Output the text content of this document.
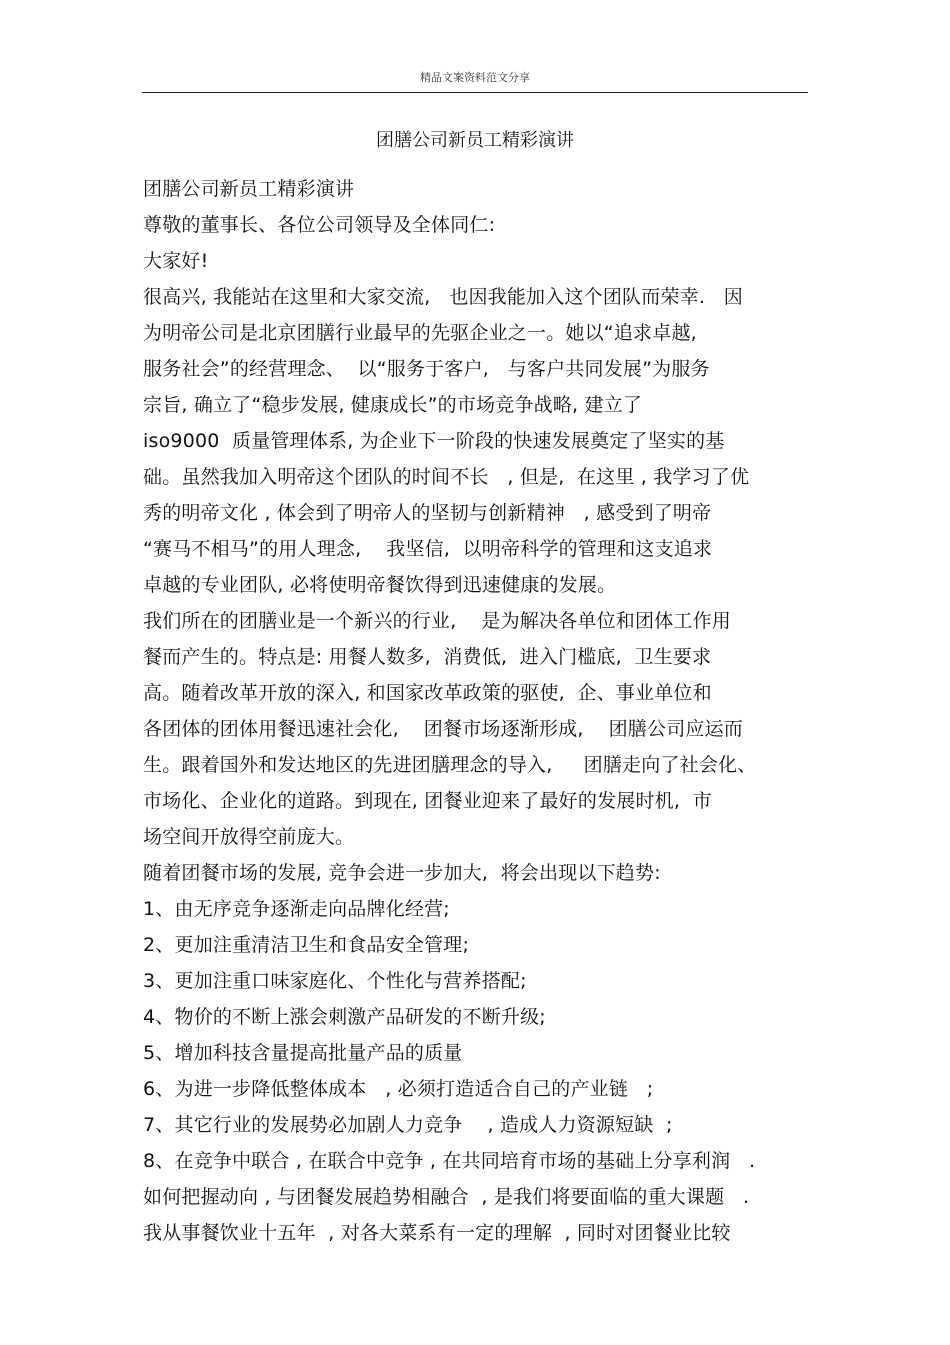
精品文案资料范文分享
团膳公司新员工精彩演讲
团膳公司新员工精彩演讲
尊敬的董事长、各位公司领导及全体同仁:
大家好!
很高兴, 我能站在这里和大家交流,   也因我能加入这个团队而荣幸.   因
为明帝公司是北京团膳行业最早的先驱企业之一。她以“追求卓越,
服务社会”的经营理念、  以“服务于客户,   与客户共同发展”为服务
宗旨, 确立了“稳步发展, 健康成长”的市场竞争战略, 建立了
iso9000  质量管理体系, 为企业下一阶段的快速发展奠定了坚实的基
础。虽然我加入明帝这个团队的时间不长   , 但是,  在这里 , 我学习了优
秀的明帝文化 , 体会到了明帝人的坚韧与创新精神   , 感受到了明帝
“赛马不相马”的用人理念,    我坚信,  以明帝科学的管理和这支追求
卓越的专业团队, 必将使明帝餐饮得到迅速健康的发展。
我们所在的团膳业是一个新兴的行业,    是为解决各单位和团体工作用
餐而产生的。特点是: 用餐人数多,  消费低,  进入门槛底,  卫生要求
高。随着改革开放的深入, 和国家改革政策的驱使,  企、事业单位和
各团体的团体用餐迅速社会化,    团餐市场逐渐形成,    团膳公司应运而
生。跟着国外和发达地区的先进团膳理念的导入,     团膳走向了社会化、
市场化、企业化的道路。到现在, 团餐业迎来了最好的发展时机,  市
场空间开放得空前庞大。
随着团餐市场的发展, 竞争会进一步加大,  将会出现以下趋势:
1、由无序竞争逐渐走向品牌化经营;
2、更加注重清洁卫生和食品安全管理;
3、更加注重口味家庭化、个性化与营养搭配;
4、物价的不断上涨会刺激产品研发的不断升级;
5、增加科技含量提高批量产品的质量
6、为进一步降低整体成本   , 必须打造适合自己的产业链   ;
7、其它行业的发展势必加剧人力竞争    , 造成人力资源短缺  ;
8、在竞争中联合 , 在联合中竞争 , 在共同培育市场的基础上分享利润   .
如何把握动向 , 与团餐发展趋势相融合  , 是我们将要面临的重大课题   .
我从事餐饮业十五年  , 对各大菜系有一定的理解  , 同时对团餐业比较
